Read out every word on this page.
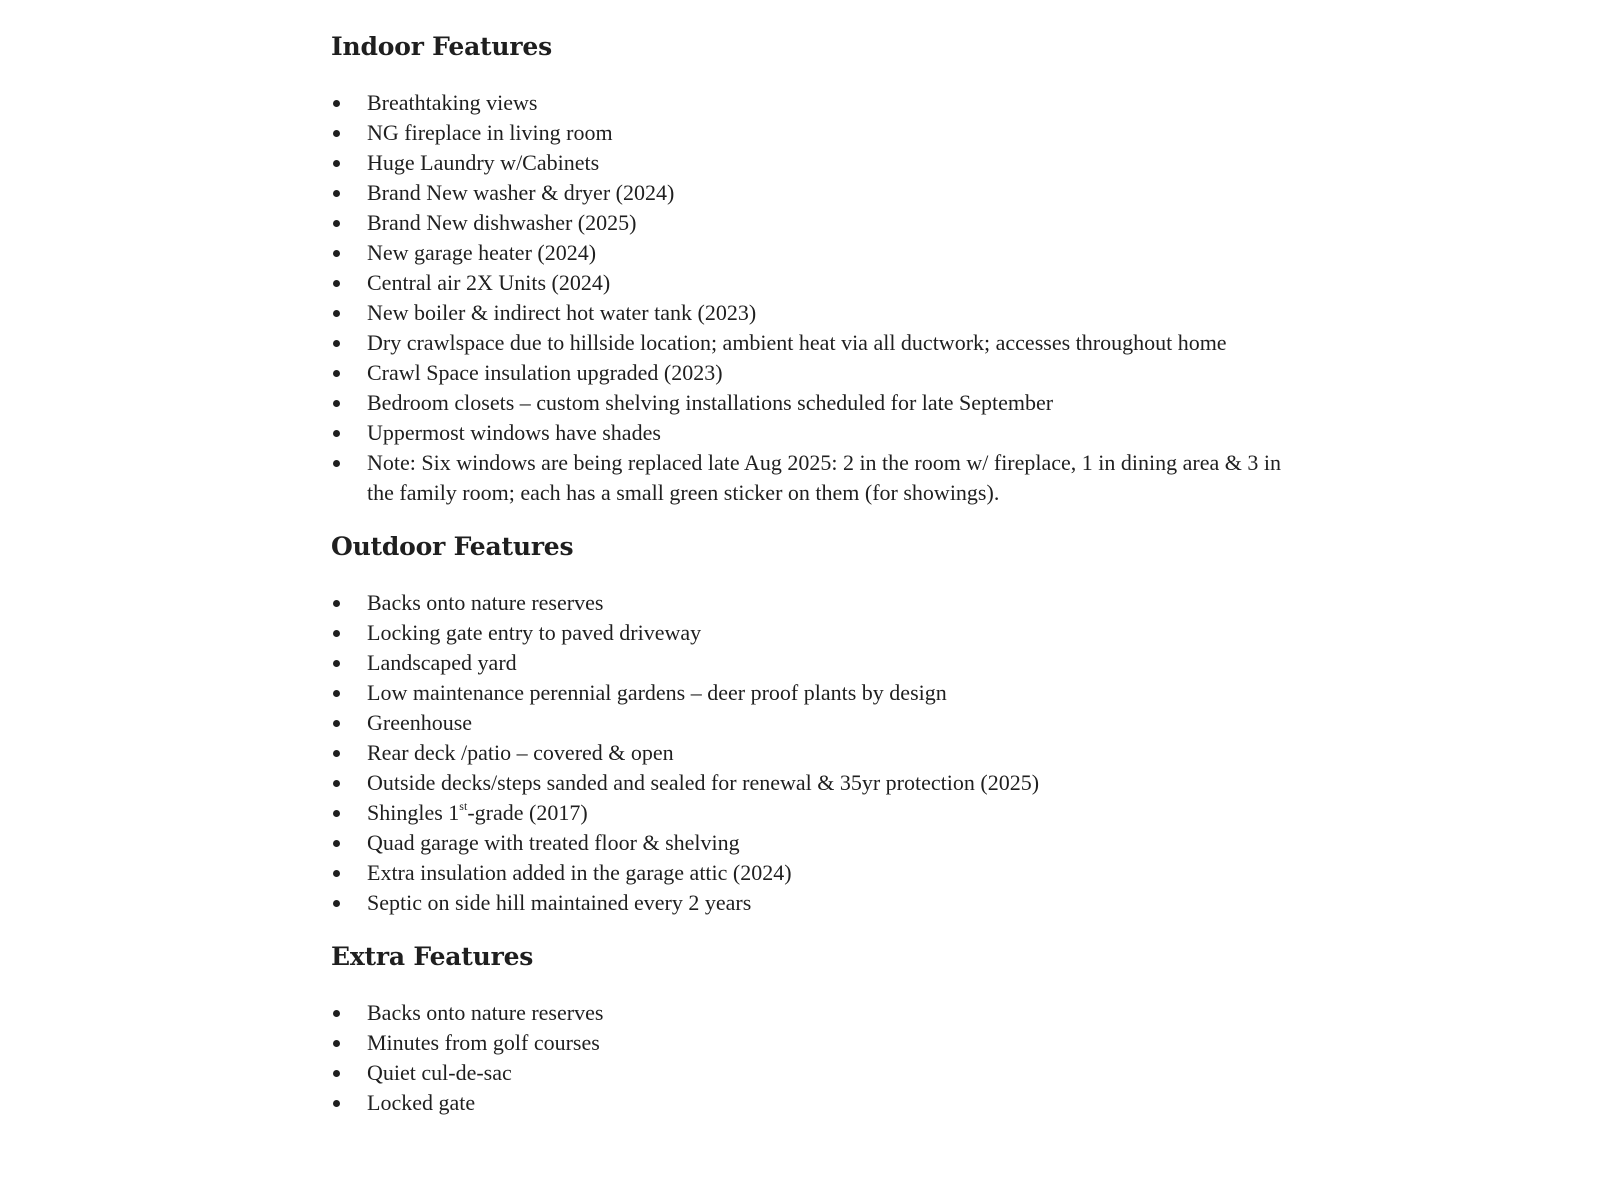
Indoor Features
Breathtaking views
NG fireplace in living room
Huge Laundry w/Cabinets
Brand New washer & dryer (2024)
Brand New dishwasher (2025)
New garage heater (2024)
Central air 2X Units (2024)
New boiler & indirect hot water tank (2023)
Dry crawlspace due to hillside location; ambient heat via all ductwork; accesses throughout home
Crawl Space insulation upgraded (2023)
Bedroom closets – custom shelving installations scheduled for late September
Uppermost windows have shades
Note: Six windows are being replaced late Aug 2025: 2 in the room w/ fireplace, 1 in dining area & 3 in the family room; each has a small green sticker on them (for showings).
Outdoor Features
Backs onto nature reserves
Locking gate entry to paved driveway
Landscaped yard
Low maintenance perennial gardens – deer proof plants by design
Greenhouse
Rear deck /patio – covered & open
Outside decks/steps sanded and sealed for renewal & 35yr protection (2025)
Shingles 1st-grade (2017)
Quad garage with treated floor & shelving
Extra insulation added in the garage attic (2024)
Septic on side hill maintained every 2 years
Extra Features
Backs onto nature reserves
Minutes from golf courses
Quiet cul-de-sac
Locked gate
